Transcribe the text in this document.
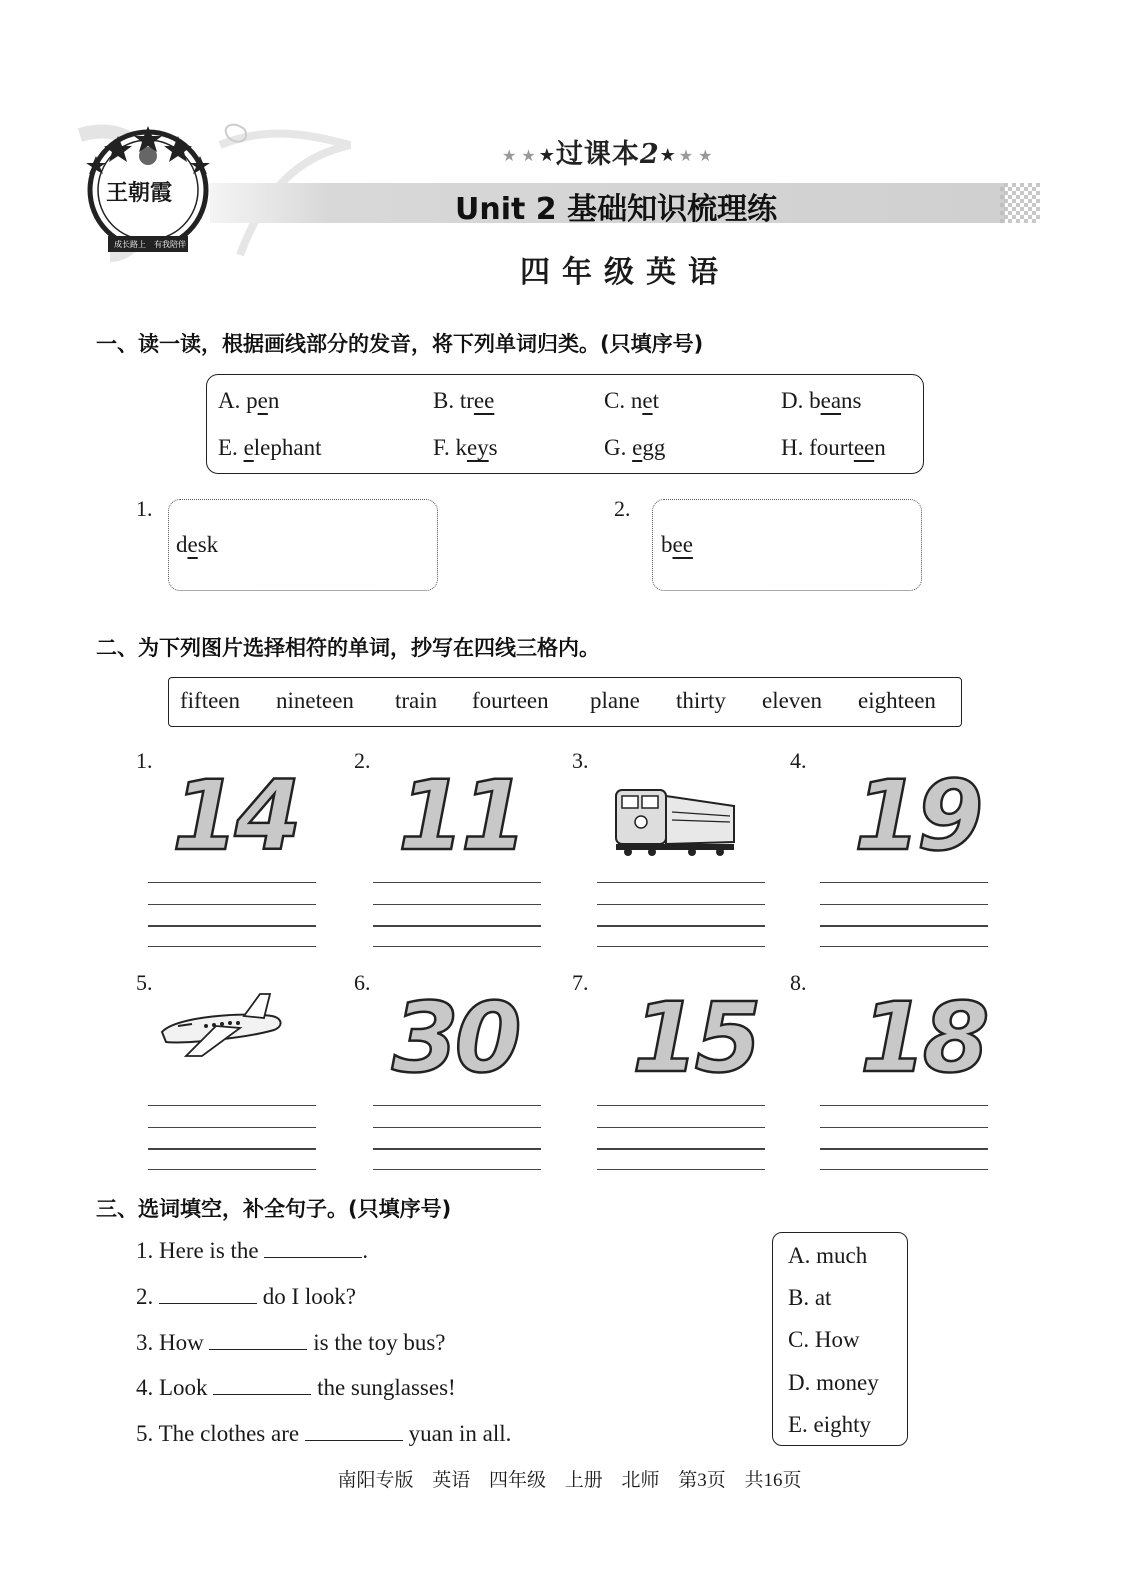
王朝霞
成长路上 有我陪伴
★ ★ ★过课本2★ ★ ★
Unit 2 基础知识梳理练
四年级英语
一、读一读，根据画线部分的发音，将下列单词归类。(只填序号)
A. pen	B. tree	C. net	D. beans
E. elephant	F. keys	G. egg	H. fourteen
1.
desk
2.
bee
二、为下列图片选择相符的单词，抄写在四线三格内。
fifteen nineteen train fourteen plane thirty eleven eighteen
1. 14	2. 11 3.	4. 19
5.	6. 30 7. 15 8. 18
三、选词填空，补全句子。(只填序号)
1. Here is the	.
2.	do I look?
3. How	is the toy bus?
4. Look	the sunglasses!
5. The clothes are	yuan in all.
A. much
B. at
C. How
D. money
E. eighty
南阳专版 英语 四年级 上册 北师 第3页 共16页
